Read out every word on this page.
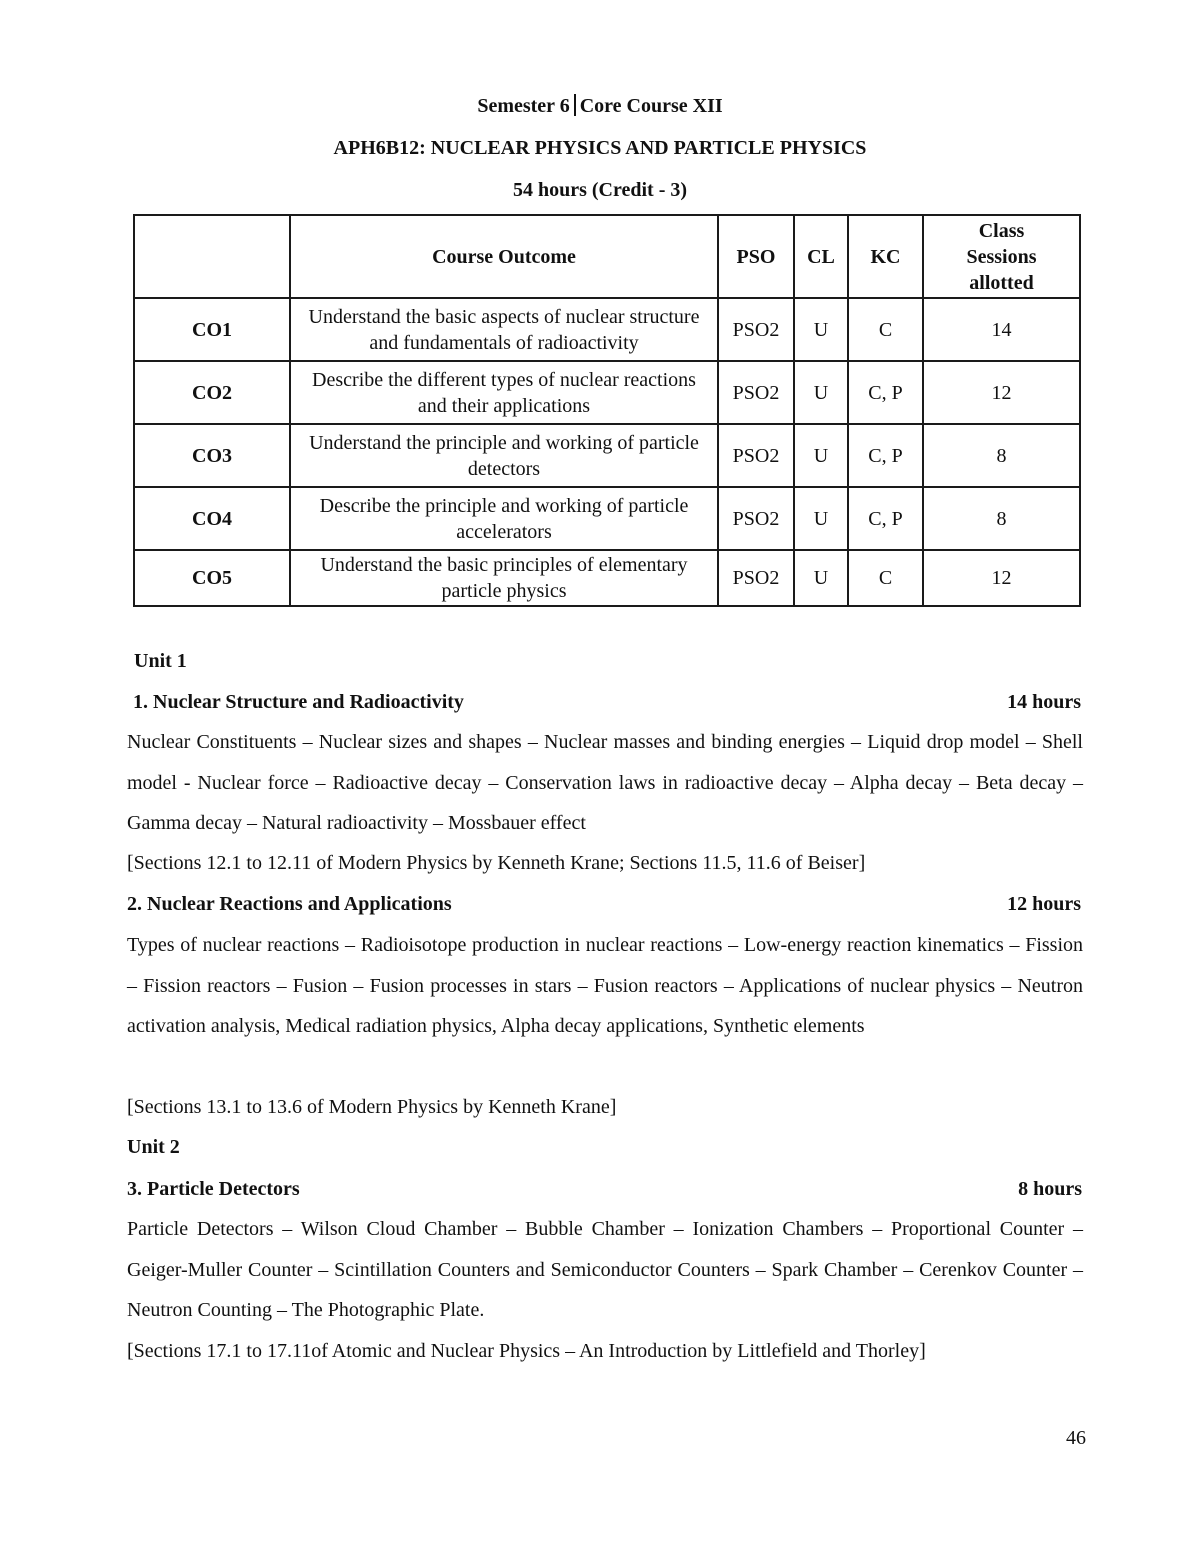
Semester 6 Core Course XII
APH6B12: NUCLEAR PHYSICS AND PARTICLE PHYSICS
54 hours (Credit - 3)
	Course Outcome	PSO	CL	KC	Class Sessions allotted
CO1	Understand the basic aspects of nuclear structure and fundamentals of radioactivity	PSO2	U	C	14
CO2	Describe the different types of nuclear reactions and their applications	PSO2	U	C, P	12
CO3	Understand the principle and working of particle detectors	PSO2	U	C, P	8
CO4	Describe the principle and working of particle accelerators	PSO2	U	C, P	8
CO5	Understand the basic principles of elementary particle physics	PSO2	U	C	12
Unit 1
1. Nuclear Structure and Radioactivity	14 hours
Nuclear Constituents – Nuclear sizes and shapes – Nuclear masses and binding energies – Liquid drop model – Shell model - Nuclear force – Radioactive decay – Conservation laws in radioactive decay – Alpha decay – Beta decay – Gamma decay – Natural radioactivity – Mossbauer effect
[Sections 12.1 to 12.11 of Modern Physics by Kenneth Krane; Sections 11.5, 11.6 of Beiser]
2. Nuclear Reactions and Applications	12 hours
Types of nuclear reactions – Radioisotope production in nuclear reactions – Low-energy reaction kinematics – Fission – Fission reactors – Fusion – Fusion processes in stars – Fusion reactors – Applications of nuclear physics – Neutron activation analysis, Medical radiation physics, Alpha decay applications, Synthetic elements
[Sections 13.1 to 13.6 of Modern Physics by Kenneth Krane]
Unit 2
3. Particle Detectors	8 hours
Particle Detectors – Wilson Cloud Chamber – Bubble Chamber – Ionization Chambers – Proportional Counter – Geiger-Muller Counter – Scintillation Counters and Semiconductor Counters – Spark Chamber – Cerenkov Counter – Neutron Counting – The Photographic Plate.
[Sections 17.1 to 17.11of Atomic and Nuclear Physics – An Introduction by Littlefield and Thorley]
46
